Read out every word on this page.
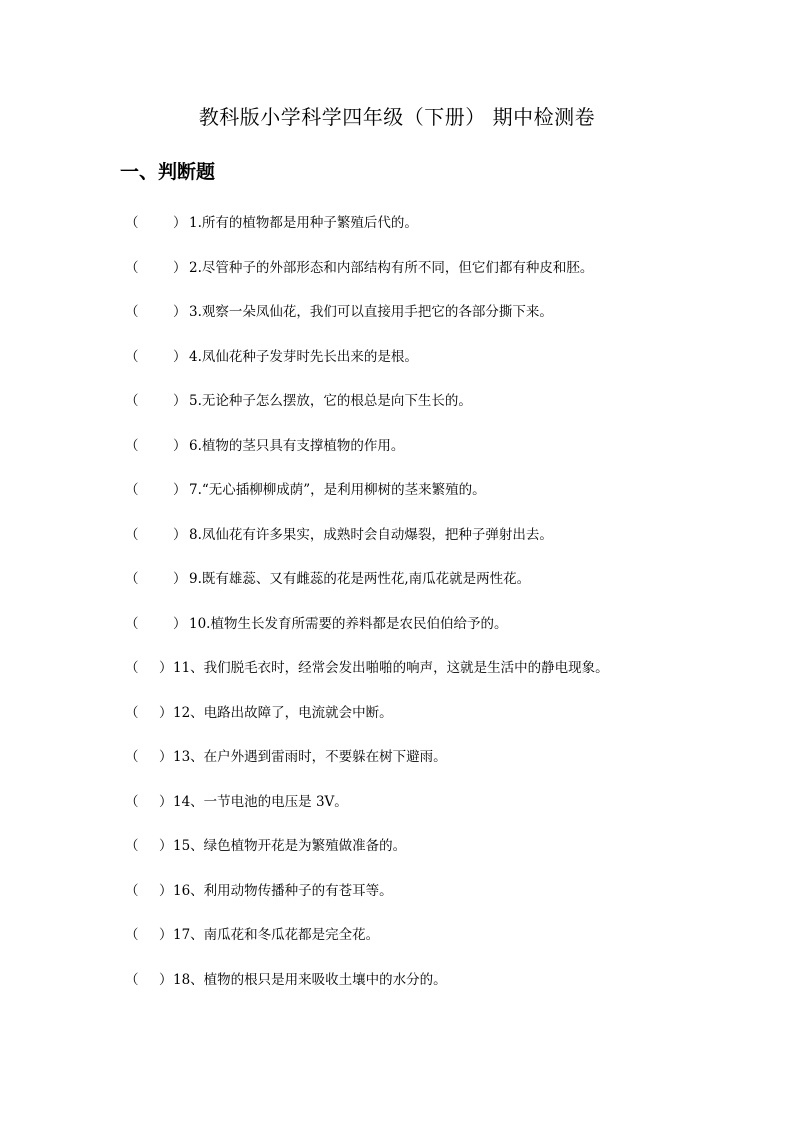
教科版小学科学四年级（下册） 期中检测卷
一、判断题
（	） 1.所有的植物都是用种子繁殖后代的。
（	） 2.尽管种子的外部形态和内部结构有所不同，但它们都有种皮和胚。
（	） 3.观察一朵凤仙花，我们可以直接用手把它的各部分撕下来。
（	） 4.凤仙花种子发芽时先长出来的是根。
（	） 5.无论种子怎么摆放，它的根总是向下生长的。
（	） 6.植物的茎只具有支撑植物的作用。
（	） 7.“无心插柳柳成荫”，是利用柳树的茎来繁殖的。
（	） 8.凤仙花有许多果实，成熟时会自动爆裂，把种子弹射出去。
（	） 9.既有雄蕊、又有雌蕊的花是两性花,南瓜花就是两性花。
（	） 10.植物生长发育所需要的养料都是农民伯伯给予的。
（ ） 11、我们脱毛衣时，经常会发出啪啪的响声，这就是生活中的静电现象。
（ ） 12、电路出故障了，电流就会中断。
（ ） 13、在户外遇到雷雨时，不要躲在树下避雨。
（ ） 14、一节电池的电压是 3V。
（ ） 15、绿色植物开花是为繁殖做准备的。
（ ） 16、利用动物传播种子的有苍耳等。
（ ） 17、南瓜花和冬瓜花都是完全花。
（ ） 18、植物的根只是用来吸收土壤中的水分的。
